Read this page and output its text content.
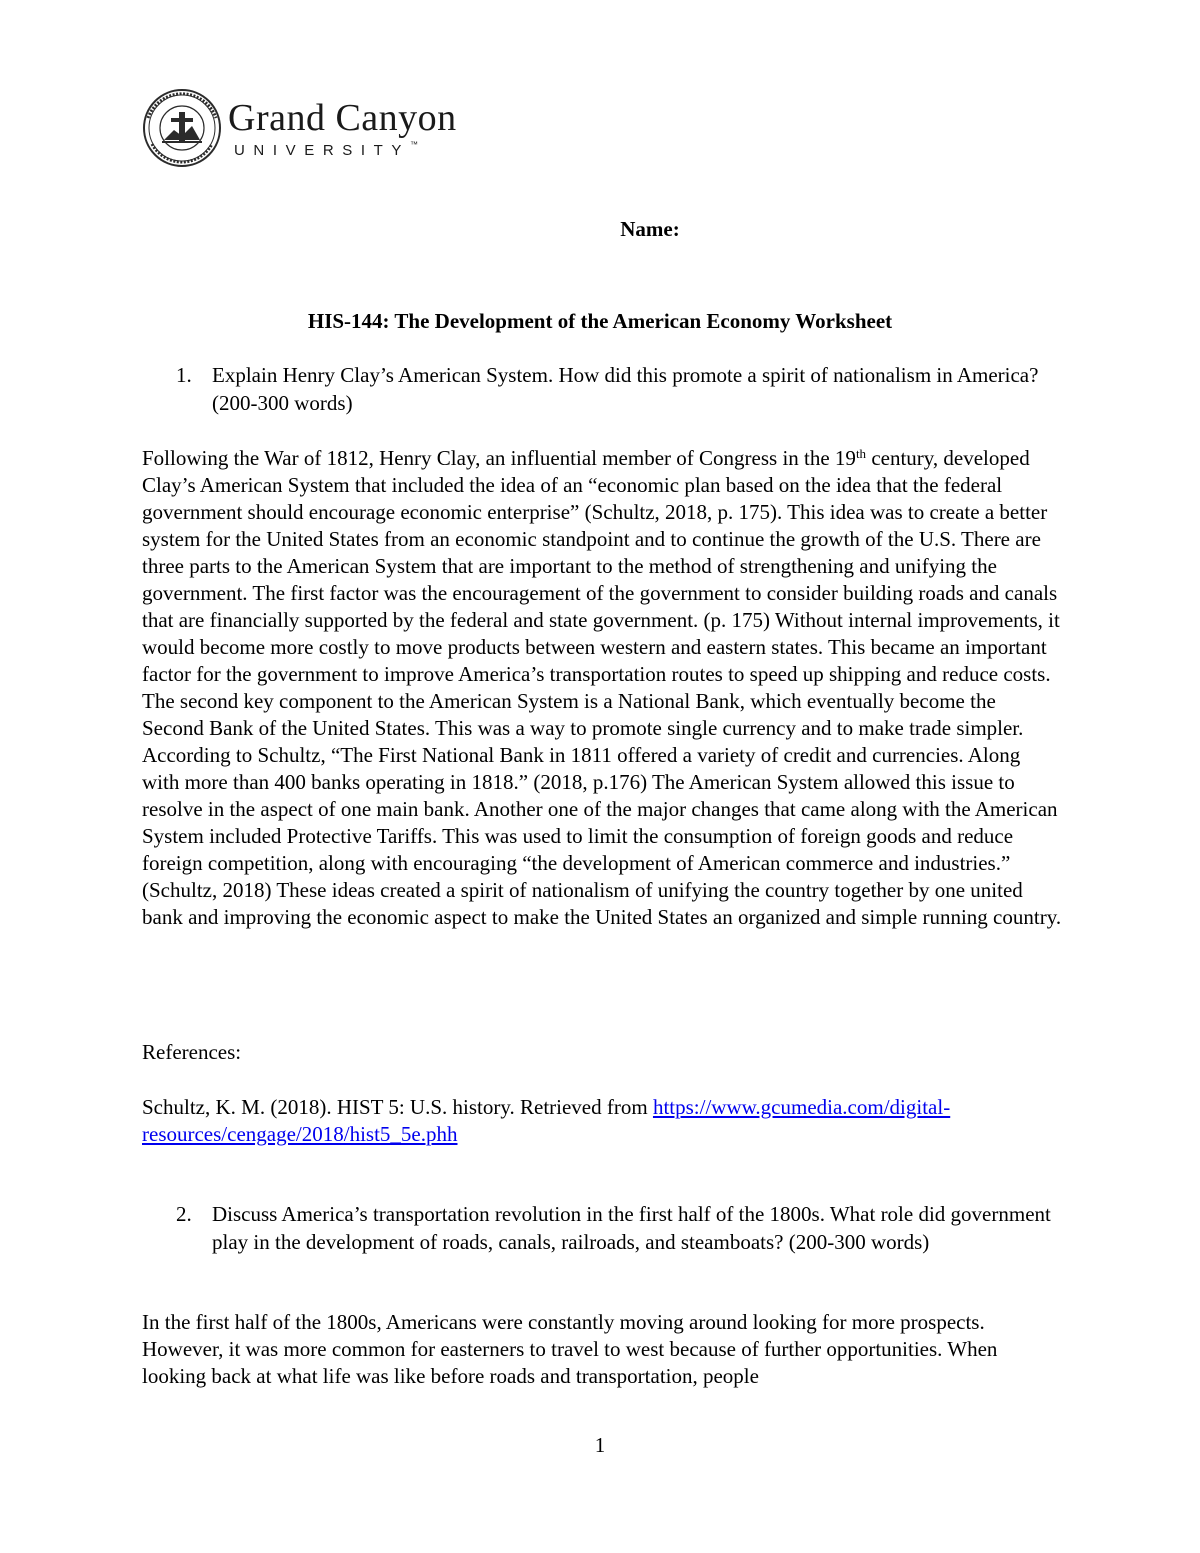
Grand Canyon
UNIVERSITY™
Name:
HIS-144: The Development of the American Economy Worksheet
1. Explain Henry Clay’s American System. How did this promote a spirit of nationalism in America? (200-300 words)
Following the War of 1812, Henry Clay, an influential member of Congress in the 19th century, developed Clay’s American System that included the idea of an “economic plan based on the idea that the federal government should encourage economic enterprise” (Schultz, 2018, p. 175). This idea was to create a better system for the United States from an economic standpoint and to continue the growth of the U.S. There are three parts to the American System that are important to the method of strengthening and unifying the government. The first factor was the encouragement of the government to consider building roads and canals that are financially supported by the federal and state government. (p. 175) Without internal improvements, it would become more costly to move products between western and eastern states. This became an important factor for the government to improve America’s transportation routes to speed up shipping and reduce costs. The second key component to the American System is a National Bank, which eventually become the Second Bank of the United States. This was a way to promote single currency and to make trade simpler. According to Schultz, “The First National Bank in 1811 offered a variety of credit and currencies. Along with more than 400 banks operating in 1818.” (2018, p.176) The American System allowed this issue to resolve in the aspect of one main bank. Another one of the major changes that came along with the American System included Protective Tariffs. This was used to limit the consumption of foreign goods and reduce foreign competition, along with encouraging “the development of American commerce and industries.” (Schultz, 2018) These ideas created a spirit of nationalism of unifying the country together by one united bank and improving the economic aspect to make the United States an organized and simple running country.
References:
Schultz, K. M. (2018). HIST 5: U.S. history. Retrieved from https://www.gcumedia.com/digital-resources/cengage/2018/hist5_5e.phh
2. Discuss America’s transportation revolution in the first half of the 1800s. What role did government play in the development of roads, canals, railroads, and steamboats? (200-300 words)
In the first half of the 1800s, Americans were constantly moving around looking for more prospects. However, it was more common for easterners to travel to west because of further opportunities. When looking back at what life was like before roads and transportation, people
1
